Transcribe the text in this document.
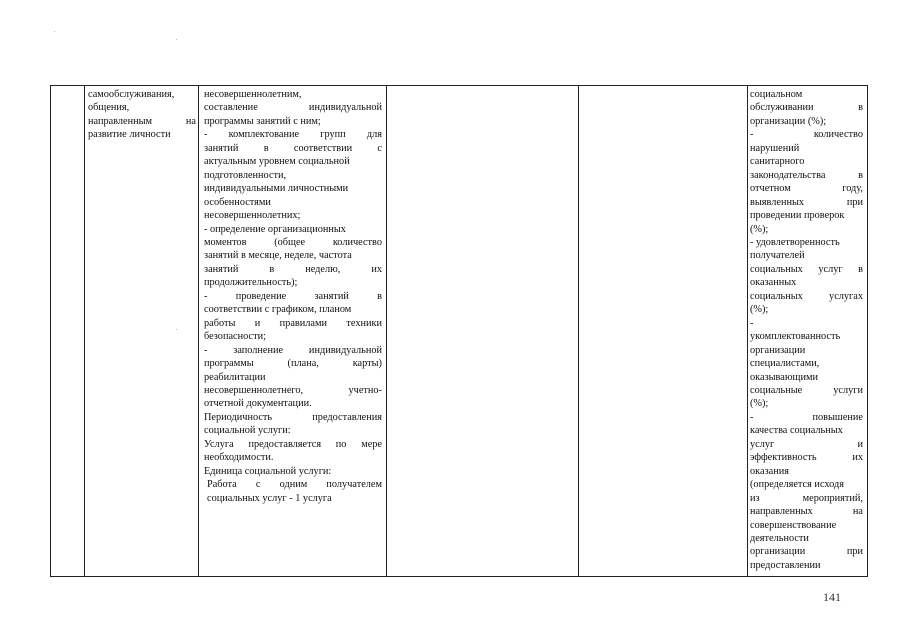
самообслуживания,

общения,

направленным на

развитие личности

несовершеннолетним,

составление индивидуальной

программы занятий с ним;

- комплектование групп для

занятий в соответствии с

актуальным уровнем социальной

подготовленности,

индивидуальными личностными

особенностями

несовершеннолетних;

- определение организационных

моментов (общее количество

занятий в месяце, неделе, частота

занятий в неделю, их

продолжительность);

- проведение занятий в

соответствии с графиком, планом

работы и правилами техники

безопасности;

- заполнение индивидуальной

программы (плана, карты)

реабилитации

несовершеннолетнего, учетно-

отчетной документации.

Периодичность предоставления

социальной услуги:

Услуга предоставляется по мере

необходимости.

Единица социальной услуги:

Работа с одним получателем

социальных услуг - 1 услуга

социальном

обслуживании в

организации (%);

- количество

нарушений

санитарного

законодательства в

отчетном году,

выявленных при

проведении проверок

(%);

- удовлетворенность

получателей

социальных услуг в

оказанных

социальных услугах

(%);

-

укомплектованность

организации

специалистами,

оказывающими

социальные услуги

(%);

- повышение

качества социальных

услуг и

эффективность их

оказания

(определяется исходя

из мероприятий,

направленных на

совершенствование

деятельности

организации при

предоставлении

141
